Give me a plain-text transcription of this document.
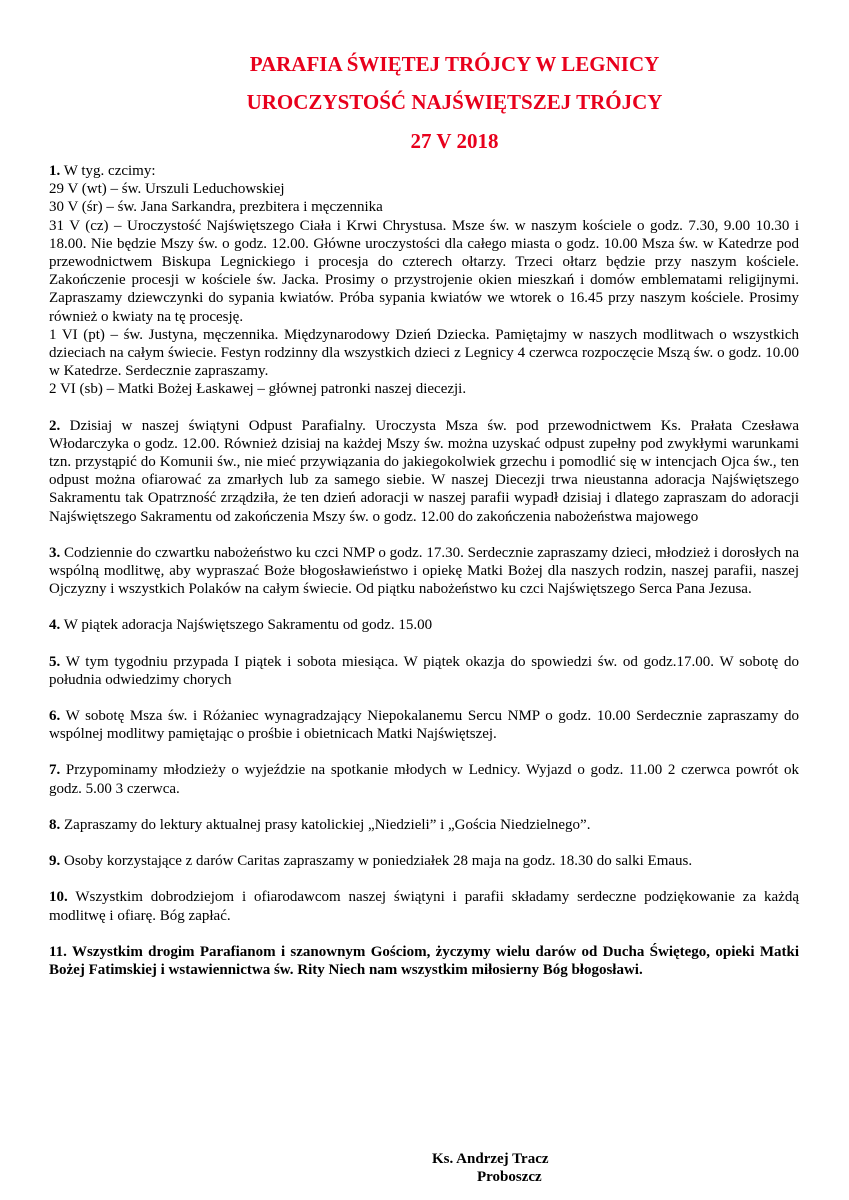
PARAFIA ŚWIĘTEJ TRÓJCY W LEGNICY
UROCZYSTOŚĆ NAJŚWIĘTSZEJ TRÓJCY
27 V 2018

1. W tyg. czcimy:

29 V (wt) – św. Urszuli Leduchowskiej

30 V (śr) – św. Jana Sarkandra, prezbitera i męczennika

31 V (cz) – Uroczystość Najświętszego Ciała i Krwi Chrystusa. Msze św. w naszym kościele o godz. 7.30, 9.00 10.30 i 18.00. Nie będzie Mszy św. o godz. 12.00. Główne uroczystości dla całego miasta o godz. 10.00 Msza św. w Katedrze pod przewodnictwem Biskupa Legnickiego i procesja do czterech ołtarzy. Trzeci ołtarz będzie przy naszym kościele. Zakończenie procesji w kościele św. Jacka. Prosimy o przystrojenie okien mieszkań i domów emblematami religijnymi. Zapraszamy dziewczynki do sypania kwiatów. Próba sypania kwiatów we wtorek o 16.45 przy naszym kościele. Prosimy również o kwiaty na tę procesję.

1 VI (pt) – św. Justyna, męczennika. Międzynarodowy Dzień Dziecka. Pamiętajmy w naszych modlitwach o wszystkich dzieciach na całym świecie. Festyn rodzinny dla wszystkich dzieci z Legnicy 4 czerwca rozpoczęcie Mszą św. o godz. 10.00 w Katedrze. Serdecznie zapraszamy.

2 VI (sb) – Matki Bożej Łaskawej – głównej patronki naszej diecezji.

2. Dzisiaj w naszej świątyni Odpust Parafialny. Uroczysta Msza św. pod przewodnictwem Ks. Prałata Czesława Włodarczyka o godz. 12.00. Również dzisiaj na każdej Mszy św. można uzyskać odpust zupełny pod zwykłymi warunkami tzn. przystąpić do Komunii św., nie mieć przywiązania do jakiegokolwiek grzechu i pomodlić się w intencjach Ojca św., ten odpust można ofiarować za zmarłych lub za samego siebie. W naszej Diecezji trwa nieustanna adoracja Najświętszego Sakramentu tak Opatrzność zrządziła, że ten dzień adoracji w naszej parafii wypadł dzisiaj i dlatego zapraszam do adoracji Najświętszego Sakramentu od zakończenia Mszy św. o godz. 12.00 do zakończenia nabożeństwa majowego

3. Codziennie do czwartku nabożeństwo ku czci NMP o godz. 17.30. Serdecznie zapraszamy dzieci, młodzież i dorosłych na wspólną modlitwę, aby wypraszać Boże błogosławieństwo i opiekę Matki Bożej dla naszych rodzin, naszej parafii, naszej Ojczyzny i wszystkich Polaków na całym świecie. Od piątku nabożeństwo ku czci Najświętszego Serca Pana Jezusa.

4. W piątek adoracja Najświętszego Sakramentu od godz. 15.00

5. W tym tygodniu przypada I piątek i sobota miesiąca. W piątek okazja do spowiedzi św. od godz.17.00. W sobotę do południa odwiedzimy chorych

6. W sobotę Msza św. i Różaniec wynagradzający Niepokalanemu Sercu NMP o godz. 10.00 Serdecznie zapraszamy do wspólnej modlitwy pamiętając o prośbie i obietnicach Matki Najświętszej.

7. Przypominamy młodzieży o wyjeździe na spotkanie młodych w Lednicy. Wyjazd o godz. 11.00 2 czerwca powrót ok godz. 5.00 3 czerwca.

8. Zapraszamy do lektury aktualnej prasy katolickiej „Niedzieli” i „Gościa Niedzielnego”.

9. Osoby korzystające z darów Caritas zapraszamy w poniedziałek 28 maja na godz. 18.30 do salki Emaus.

10. Wszystkim dobrodziejom i ofiarodawcom naszej świątyni i parafii składamy serdeczne podziękowanie za każdą modlitwę i ofiarę. Bóg zapłać.

11. Wszystkim drogim Parafianom i szanownym Gościom, życzymy wielu darów od Ducha Świętego, opieki Matki Bożej Fatimskiej i wstawiennictwa św. Rity Niech nam wszystkim miłosierny Bóg błogosławi.

Ks. Andrzej Tracz
Proboszcz
